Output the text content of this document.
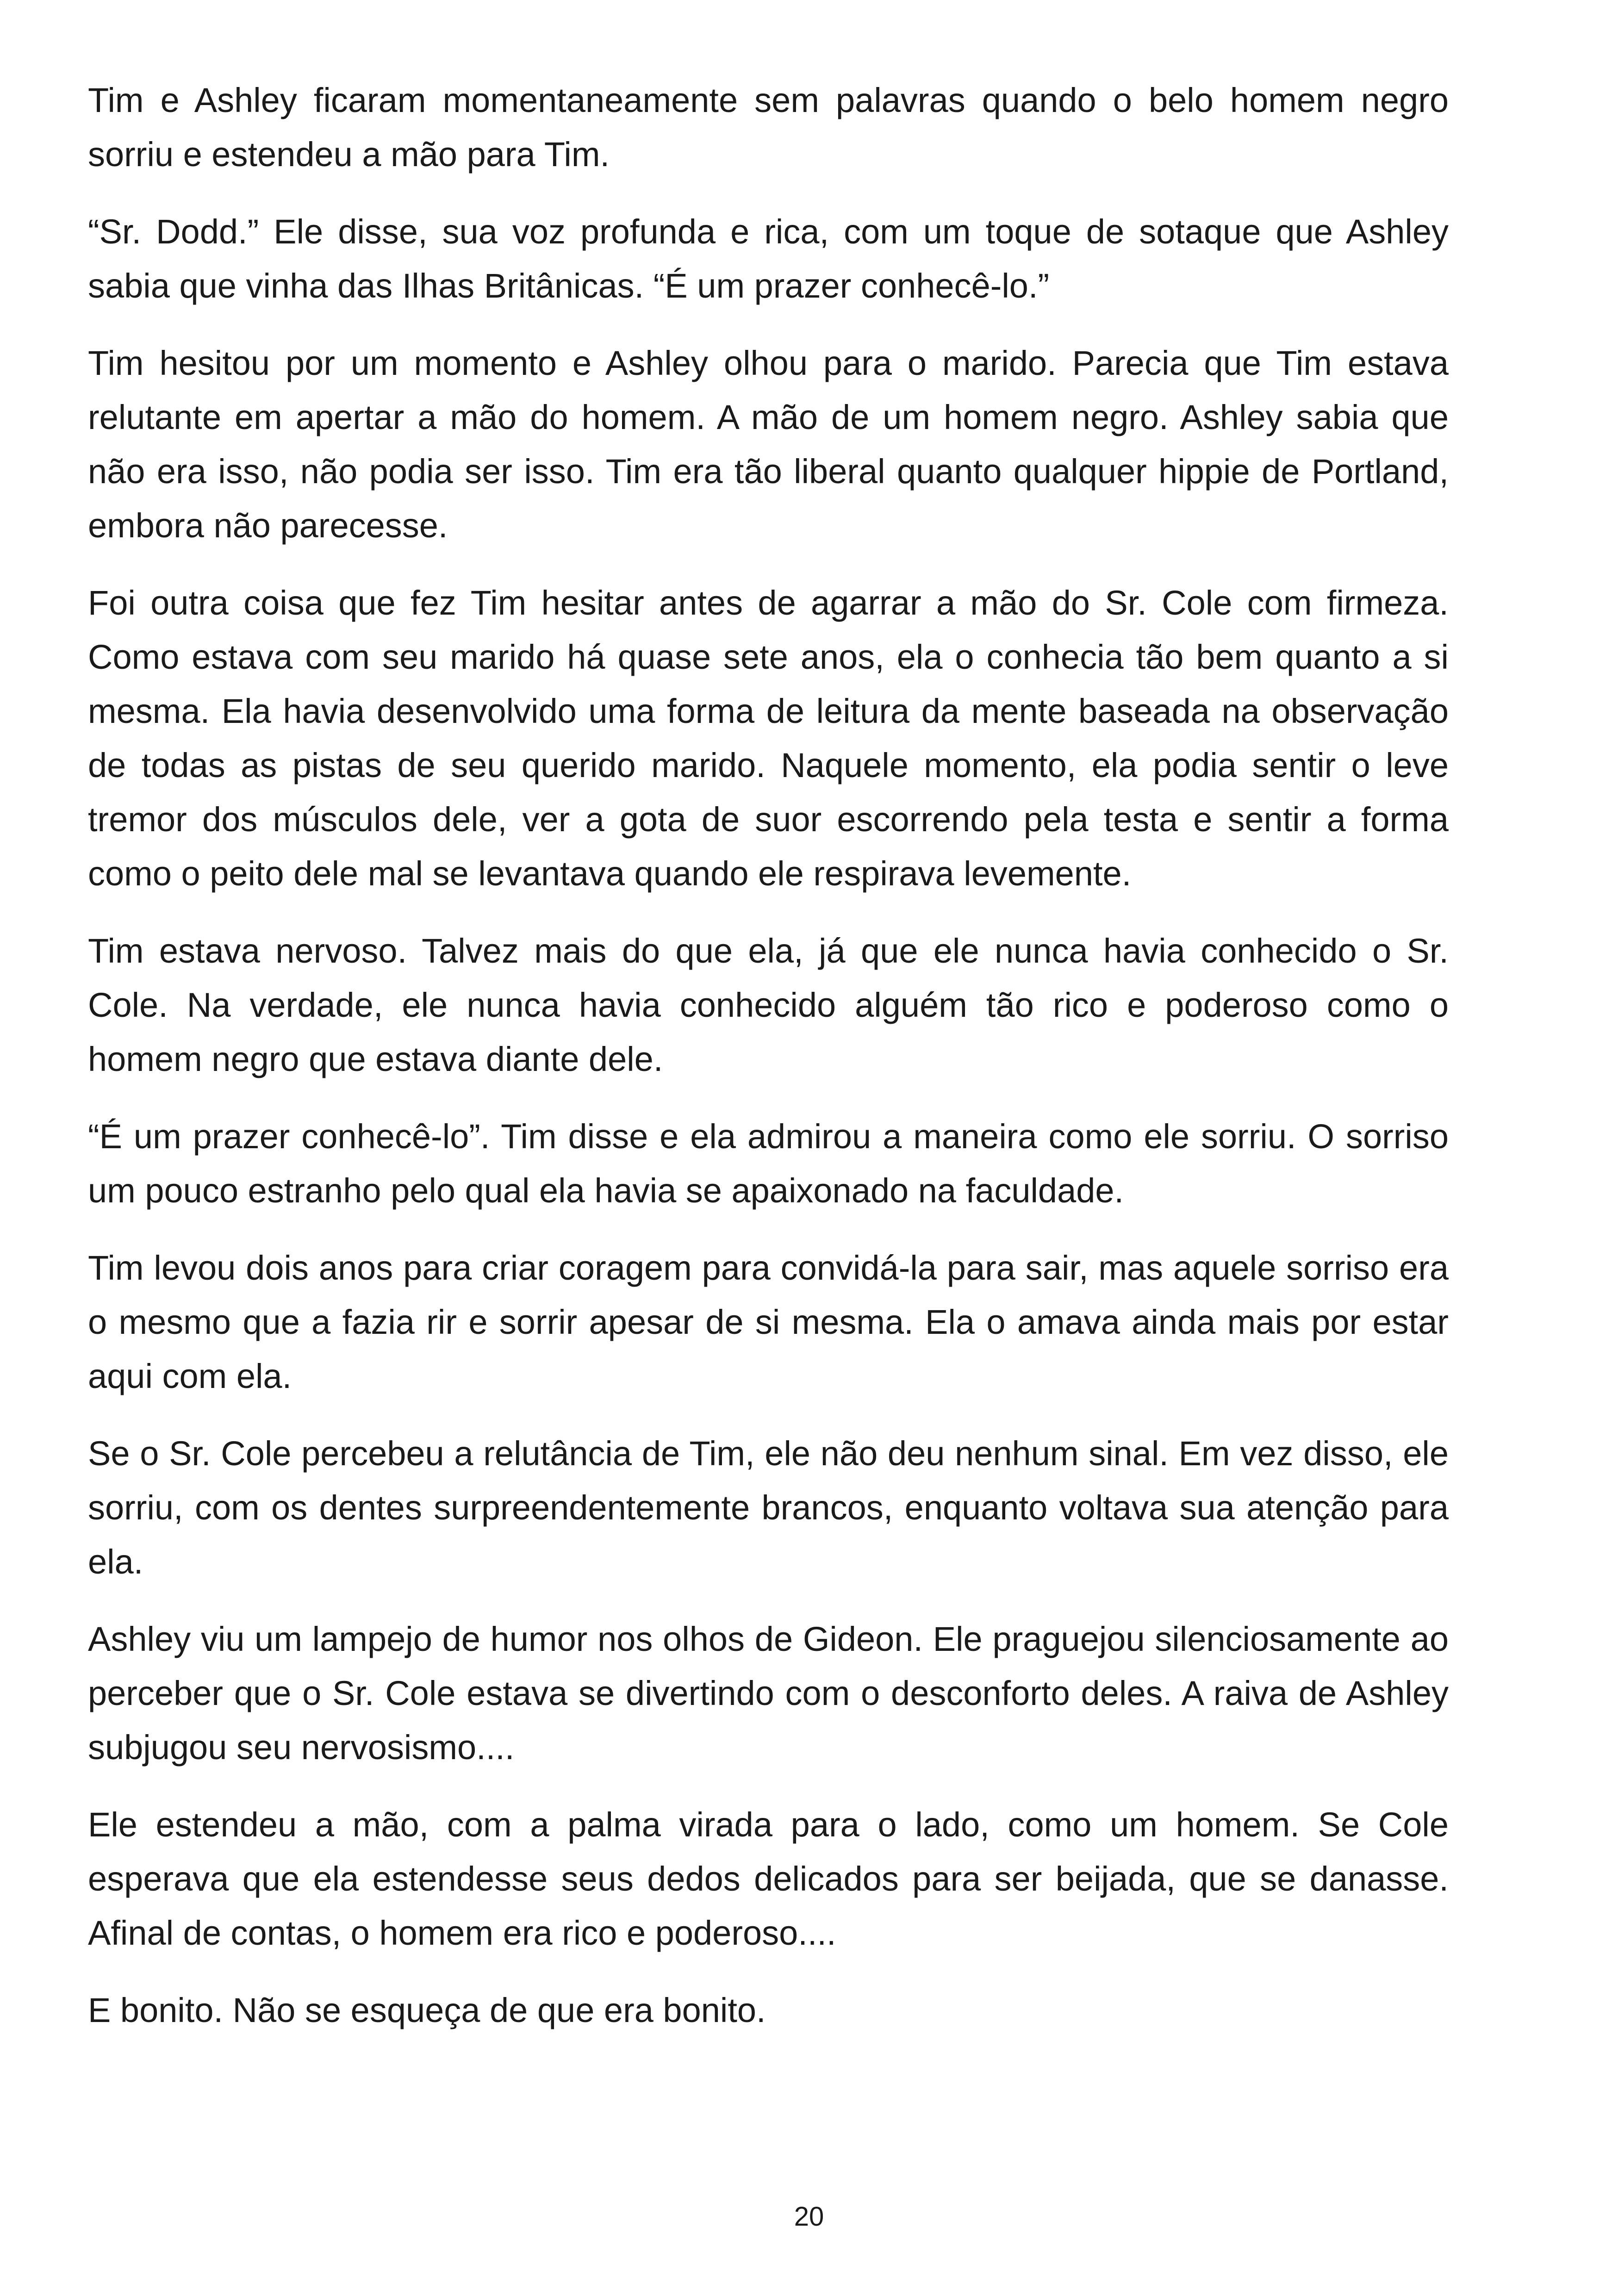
Tim e Ashley ficaram momentaneamente sem palavras quando o belo homem negro sorriu e estendeu a mão para Tim.

“Sr. Dodd.” Ele disse, sua voz profunda e rica, com um toque de sotaque que Ashley sabia que vinha das Ilhas Britânicas. “É um prazer conhecê-lo.”

Tim hesitou por um momento e Ashley olhou para o marido. Parecia que Tim estava relutante em apertar a mão do homem. A mão de um homem negro. Ashley sabia que não era isso, não podia ser isso. Tim era tão liberal quanto qualquer hippie de Portland, embora não parecesse.

Foi outra coisa que fez Tim hesitar antes de agarrar a mão do Sr. Cole com firmeza. Como estava com seu marido há quase sete anos, ela o conhecia tão bem quanto a si mesma. Ela havia desenvolvido uma forma de leitura da mente baseada na observação de todas as pistas de seu querido marido. Naquele momento, ela podia sentir o leve tremor dos músculos dele, ver a gota de suor escorrendo pela testa e sentir a forma como o peito dele mal se levantava quando ele respirava levemente.

Tim estava nervoso. Talvez mais do que ela, já que ele nunca havia conhecido o Sr. Cole. Na verdade, ele nunca havia conhecido alguém tão rico e poderoso como o homem negro que estava diante dele.

“É um prazer conhecê-lo”. Tim disse e ela admirou a maneira como ele sorriu. O sorriso um pouco estranho pelo qual ela havia se apaixonado na faculdade.

Tim levou dois anos para criar coragem para convidá-la para sair, mas aquele sorriso era o mesmo que a fazia rir e sorrir apesar de si mesma. Ela o amava ainda mais por estar aqui com ela.

Se o Sr. Cole percebeu a relutância de Tim, ele não deu nenhum sinal. Em vez disso, ele sorriu, com os dentes surpreendentemente brancos, enquanto voltava sua atenção para ela.

Ashley viu um lampejo de humor nos olhos de Gideon. Ele praguejou silenciosamente ao perceber que o Sr. Cole estava se divertindo com o desconforto deles. A raiva de Ashley subjugou seu nervosismo....

Ele estendeu a mão, com a palma virada para o lado, como um homem. Se Cole esperava que ela estendesse seus dedos delicados para ser beijada, que se danasse. Afinal de contas, o homem era rico e poderoso....

E bonito. Não se esqueça de que era bonito.

20
